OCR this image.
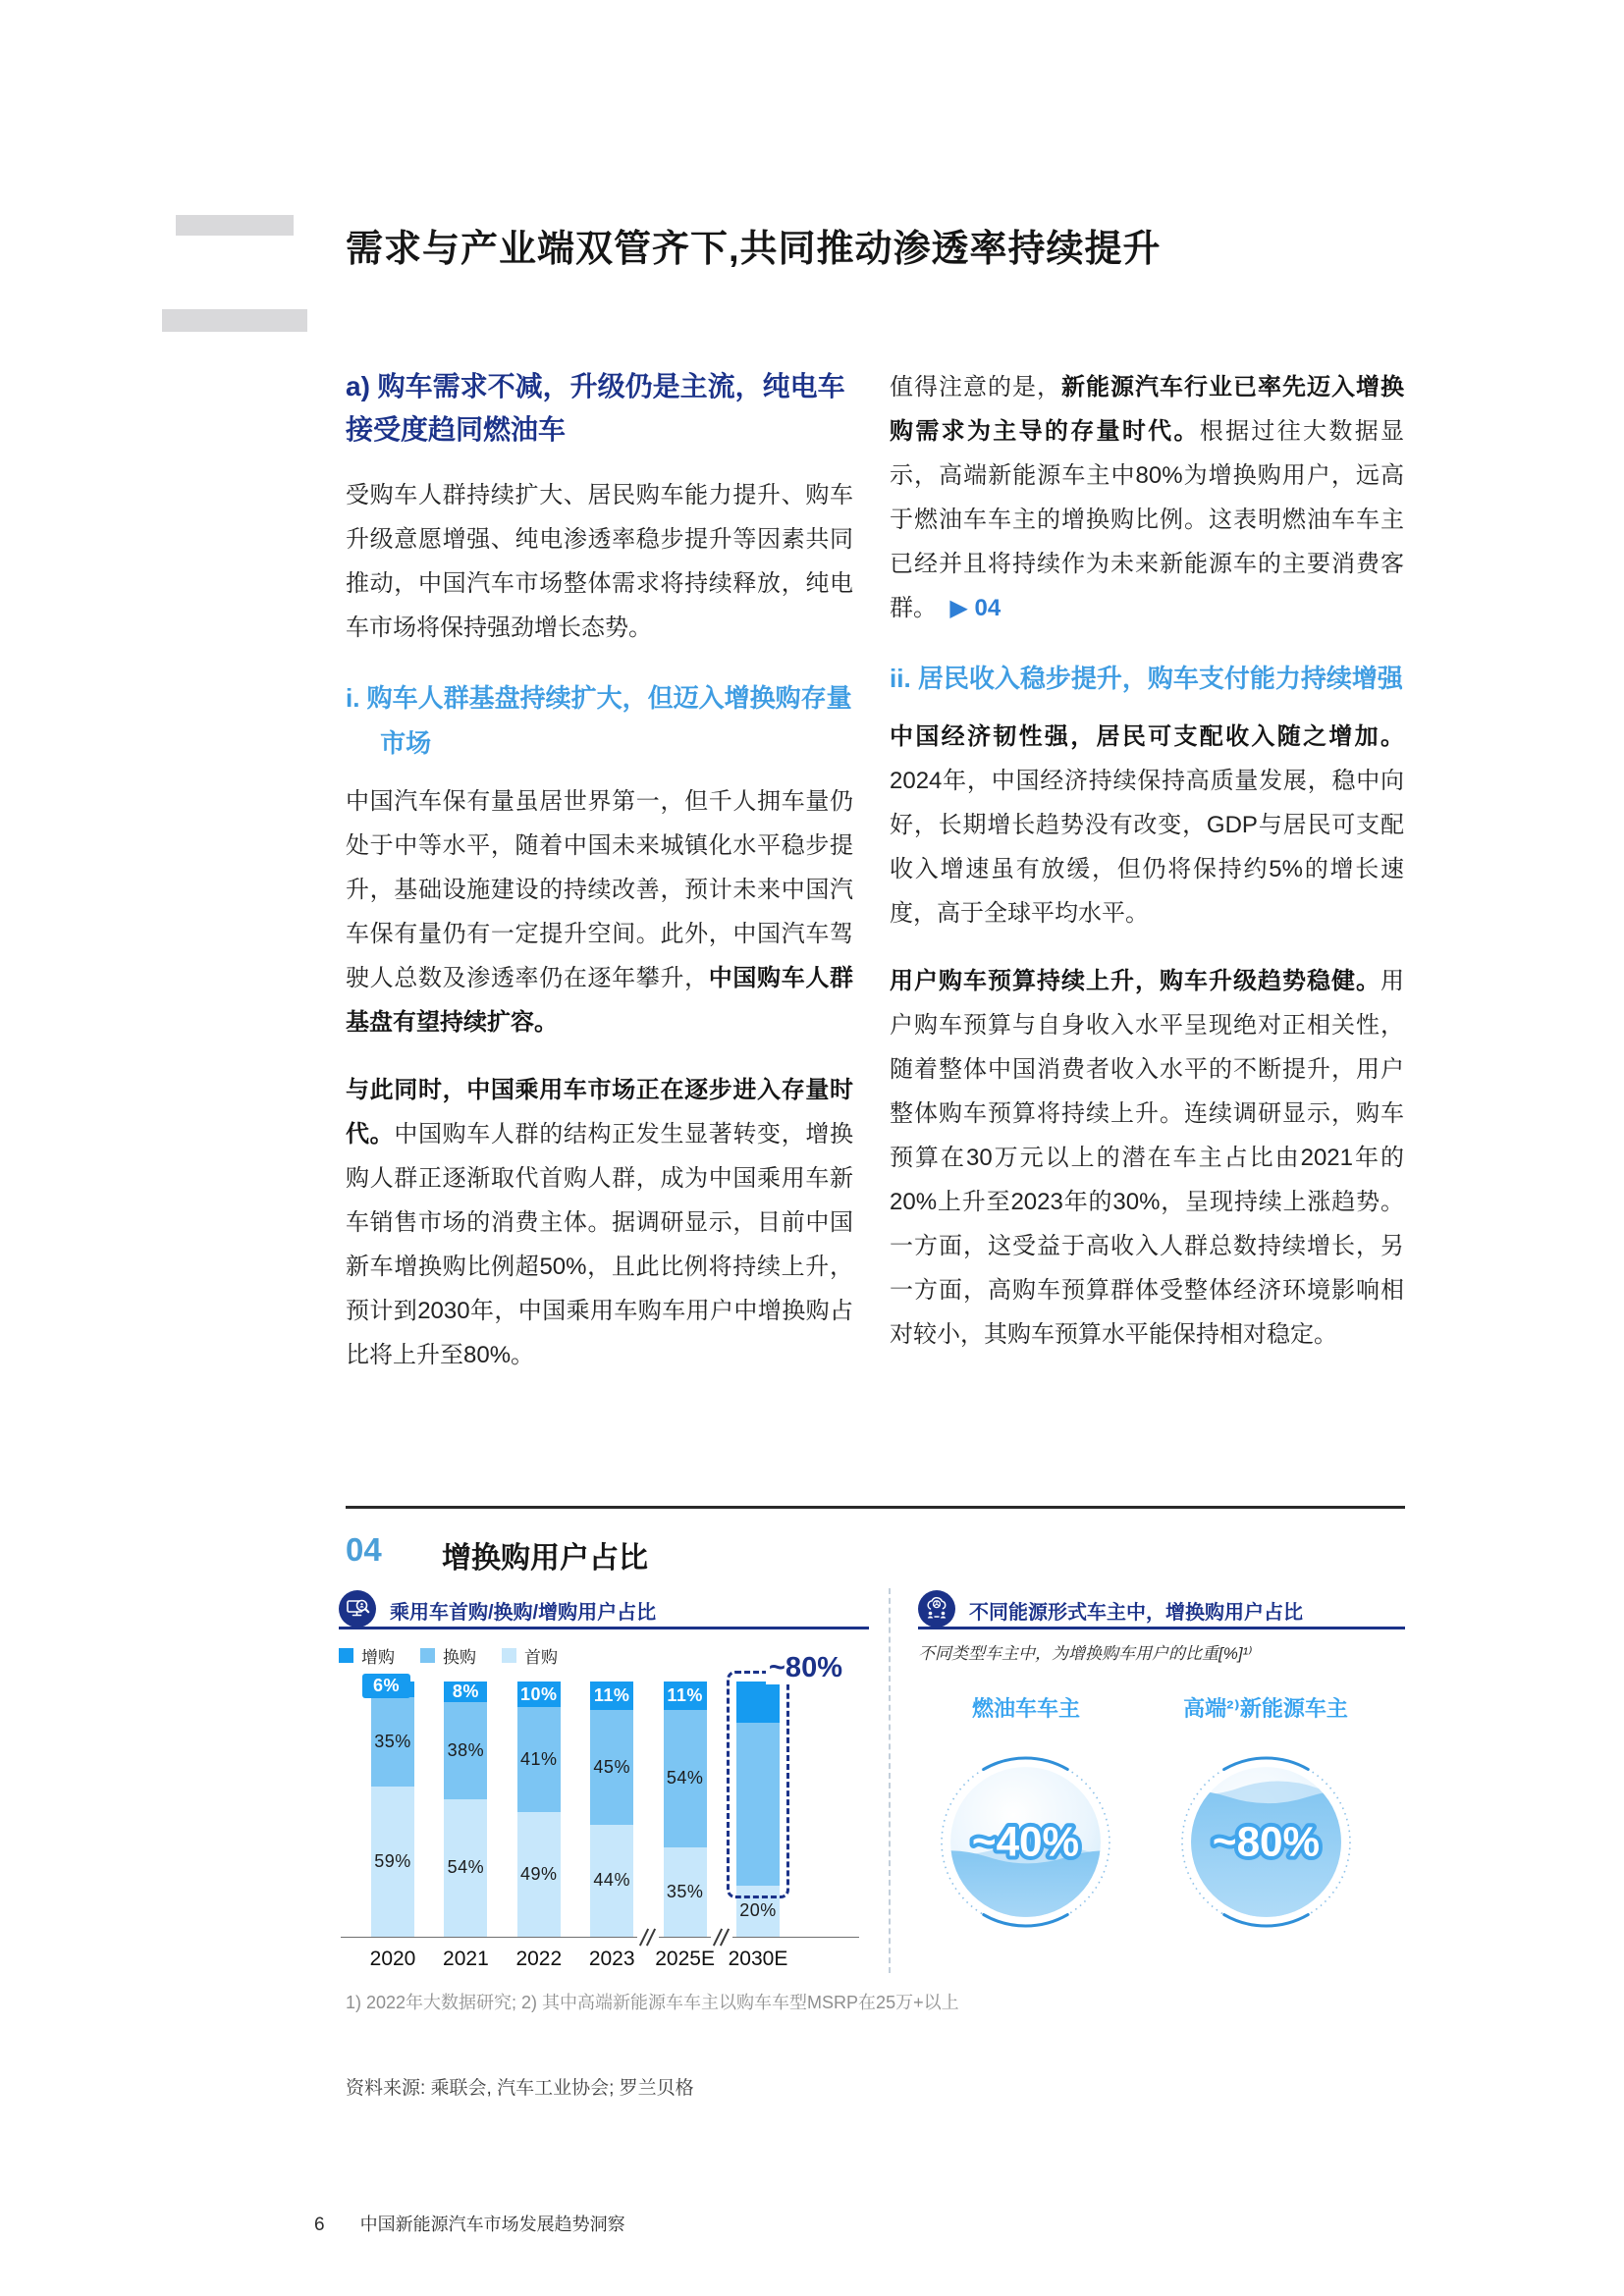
需求与产业端双管齐下,共同推动渗透率持续提升
a) 购车需求不减，升级仍是主流，纯电车接受度趋同燃油车

受购车人群持续扩大、居民购车能力提升、购车升级意愿增强、纯电渗透率稳步提升等因素共同推动，中国汽车市场整体需求将持续释放，纯电车市场将保持强劲增长态势。

i. 购车人群基盘持续扩大，但迈入增换购存量市场

中国汽车保有量虽居世界第一，但千人拥车量仍处于中等水平，随着中国未来城镇化水平稳步提升，基础设施建设的持续改善，预计未来中国汽车保有量仍有一定提升空间。此外，中国汽车驾驶人总数及渗透率仍在逐年攀升，中国购车人群基盘有望持续扩容。

与此同时，中国乘用车市场正在逐步进入存量时代。中国购车人群的结构正发生显著转变，增换购人群正逐渐取代首购人群，成为中国乘用车新车销售市场的消费主体。据调研显示，目前中国新车增换购比例超50%，且此比例将持续上升，预计到2030年，中国乘用车购车用户中增换购占比将上升至80%。

值得注意的是，新能源汽车行业已率先迈入增换购需求为主导的存量时代。根据过往大数据显示，高端新能源车主中80%为增换购用户，远高于燃油车车主的增换购比例。这表明燃油车车主已经并且将持续作为未来新能源车的主要消费客群。 ▶ 04

ii. 居民收入稳步提升，购车支付能力持续增强

中国经济韧性强，居民可支配收入随之增加。2024年，中国经济持续保持高质量发展，稳中向好，长期增长趋势没有改变，GDP与居民可支配收入增速虽有放缓，但仍将保持约5%的增长速度，高于全球平均水平。

用户购车预算持续上升，购车升级趋势稳健。用户购车预算与自身收入水平呈现绝对正相关性，随着整体中国消费者收入水平的不断提升，用户整体购车预算将持续上升。连续调研显示，购车预算在30万元以上的潜在车主占比由2021年的20%上升至2023年的30%，呈现持续上涨趋势。一方面，这受益于高收入人群总数持续增长，另一方面，高购车预算群体受整体经济环境影响相对较小，其购车预算水平能保持相对稳定。

04 增换购用户占比
乘用车首购/换购/增购用户占比
增购	换购	首购
6%
35%
59%
2020
8%
38%
54%
2021
10%
41%
49%
2022
11%
45%
44%
2023
11%
54%
35%
2025E
20%
2030E
~80%
不同能源形式车主中，增换购用户占比
不同类型车主中，为增换购车用户的比重[%]¹⁾
燃油车车主	高端²⁾新能源车主
~40%	~80%
1) 2022年大数据研究; 2) 其中高端新能源车车主以购车车型MSRP在25万+以上
资料来源: 乘联会, 汽车工业协会; 罗兰贝格
6 中国新能源汽车市场发展趋势洞察
